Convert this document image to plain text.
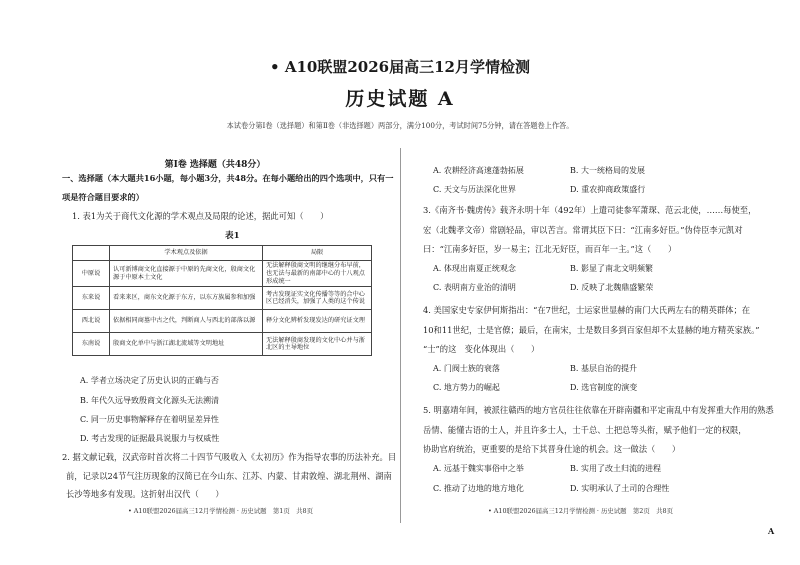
• A10联盟2026届高三12月学情检测
历史试题 A
本试卷分第Ⅰ卷（选择题）和第Ⅱ卷（非选择题）两部分，满分100分，考试时间75分钟，请在答题卷上作答。
第Ⅰ卷 选择题（共48分）
一、选择题（本大题共16小题，每小题3分，共48分。在每小题给出的四个选项中，只有一
项是符合题目要求的）
1. 表1为关于商代文化源的学术观点及局限的论述，据此可知（　　）
表1
	学术观点及依据	局限
中原说	认可新博商文化直接源于中原的先商文化，殷商文化源于中原本土文化	无法解释殷商文明的继继分布早前，也无法与最新的南部中心的十八观点形成统一
东来说	看来来区，商东文化源于东方，以东方族属参和加强	考古发现证实文化传播等等的合中心区已经消失，加强了人类的这个传说
西北说	依据相同商墓中古之代，判断商人与西北的部落以源	释分文化辨析发现发达的研究证文理
东南说	殷商文化单中与浙江湖北流域等文明地址	无法解释殷商发现的文化中心并与浙北区的主导地位
A. 学者立场决定了历史认识的正确与否
B. 年代久远导致殷商文化源头无法溯清
C. 同一历史事物解释存在着明显差异性
D. 考古发现的证据最具说服力与权威性
2. 据文献记载，汉武帝时首次将二十四节气吸收入《太初历》作为指导农事的历法补充。目
前，记录以24节气注历现象的汉简已在今山东、江苏、内蒙、甘肃敦煌、湖北荆州、湖南
长沙等地多有发现。这折射出汉代（　　）
• A10联盟2026届高三12月学情检测 · 历史试题　第1页　共8页
A. 农耕经济高速蓬勃拓展	B. 大一统格局的发展
C. 天文与历法深化世界	D. 重农抑商政策盛行
3.《南齐书·魏虏传》载齐永明十年（492年）上遣司徒参军萧琛、范云北使，……每使至，
宏（北魏孝文帝）常剧轻品，审以苦言。常谓其臣下曰：“江南多好臣。”伪侍臣李元凯对
曰：“江南多好臣，岁一易主；江北无好臣，而百年一主。”这（　　）
A. 体现出南夏正统观念	B. 影显了南北文明频繁
C. 表明南方业治的清明	D. 反映了北魏鼎盛繁荣
4. 美国家史专家伊何斯指出：“在7世纪，士运家世显赫的南门大氏两左右的精英群体；在
10和11世纪，士是官僚；最后，在南宋，士是数目多到百家但却不太显赫的地方精英家族。”
“士”的这　变化体现出（　　）
A. 门阀士族的衰落	B. 基层自治的提升
C. 地方势力的崛起	D. 选官制度的演变
5. 明嘉靖年间，被派往赣西的地方官员往往依靠在开辟南疆和平定南乱中有发挥重大作用的熟悉
岳情、能懂古语的士人，并且许多士人，士千总、土把总等头衔，赋予他们一定的权限，
协助官府统治，更重要的是给下其晋身仕途的机会。这一做法（　　）
A. 远基于魏实事俗中之举	B. 实用了改土归流的进程
C. 推动了边地的地方地化	D. 实明承认了土司的合理性
• A10联盟2026届高三12月学情检测 · 历史试题　第2页　共8页
A
